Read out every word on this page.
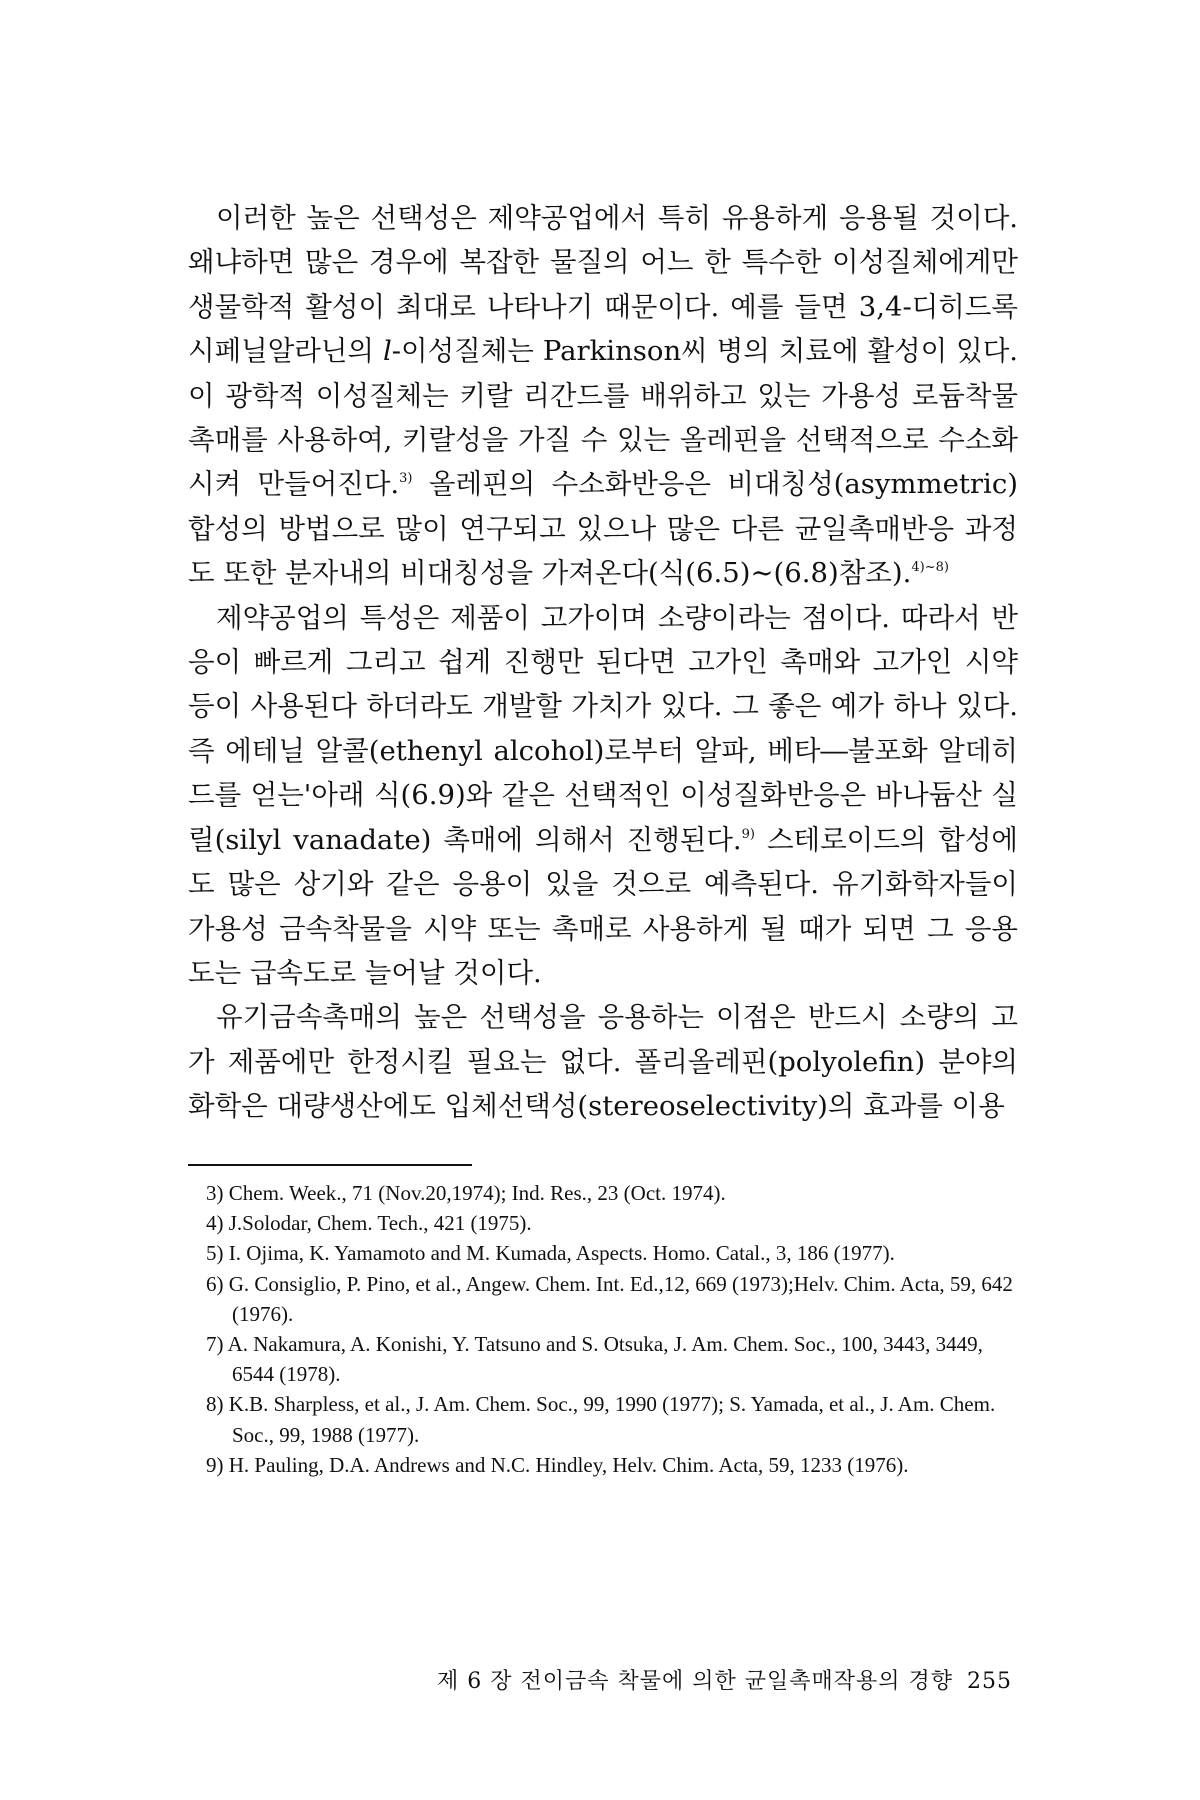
이러한 높은 선택성은 제약공업에서 특히 유용하게 응용될 것이다. 왜냐하면 많은 경우에 복잡한 물질의 어느 한 특수한 이성질체에게만 생물학적 활성이 최대로 나타나기 때문이다. 예를 들면 3,4-디히드록시페닐알라닌의 l-이성질체는 Parkinson씨 병의 치료에 활성이 있다. 이 광학적 이성질체는 키랄 리간드를 배위하고 있는 가용성 로듐착물 촉매를 사용하여, 키랄성을 가질 수 있는 올레핀을 선택적으로 수소화시켜 만들어진다.$^{3)}$ 올레핀의 수소화반응은 비대칭성(asymmetric) 합성의 방법으로 많이 연구되고 있으나 많은 다른 균일촉매반응 과정도 또한 분자내의 비대칭성을 가져온다(식(6.5)∼(6.8)참조).$^{4)\sim 8)}$

제약공업의 특성은 제품이 고가이며 소량이라는 점이다. 따라서 반응이 빠르게 그리고 쉽게 진행만 된다면 고가인 촉매와 고가인 시약 등이 사용된다 하더라도 개발할 가치가 있다. 그 좋은 예가 하나 있다. 즉 에테닐 알콜(ethenyl alcohol)로부터 알파, 베타―불포화 알데히드를 얻는'아래 식(6.9)와 같은 선택적인 이성질화반응은 바나듐산 실릴(silyl vanadate) 촉매에 의해서 진행된다.$^{9)}$ 스테로이드의 합성에도 많은 상기와 같은 응용이 있을 것으로 예측된다. 유기화학자들이 가용성 금속착물을 시약 또는 촉매로 사용하게 될 때가 되면 그 응용도는 급속도로 늘어날 것이다.

유기금속촉매의 높은 선택성을 응용하는 이점은 반드시 소량의 고가 제품에만 한정시킬 필요는 없다. 폴리올레핀(polyolefin) 분야의 화학은 대량생산에도 입체선택성(stereoselectivity)의 효과를 이용

3) Chem. Week., 71 (Nov.20,1974); Ind. Res., 23 (Oct. 1974).

4) J.Solodar, Chem. Tech., 421 (1975).

5) I. Ojima, K. Yamamoto and M. Kumada, Aspects. Homo. Catal., 3, 186 (1977).

6) G. Consiglio, P. Pino, et al., Angew. Chem. Int. Ed.,12, 669 (1973);Helv. Chim. Acta, 59, 642 (1976).

7) A. Nakamura, A. Konishi, Y. Tatsuno and S. Otsuka, J. Am. Chem. Soc., 100, 3443, 3449, 6544 (1978).

8) K.B. Sharpless, et al., J. Am. Chem. Soc., 99, 1990 (1977); S. Yamada, et al., J. Am. Chem. Soc., 99, 1988 (1977).

9) H. Pauling, D.A. Andrews and N.C. Hindley, Helv. Chim. Acta, 59, 1233 (1976).

제 6 장 전이금속 착물에 의한 균일촉매작용의 경향 255
